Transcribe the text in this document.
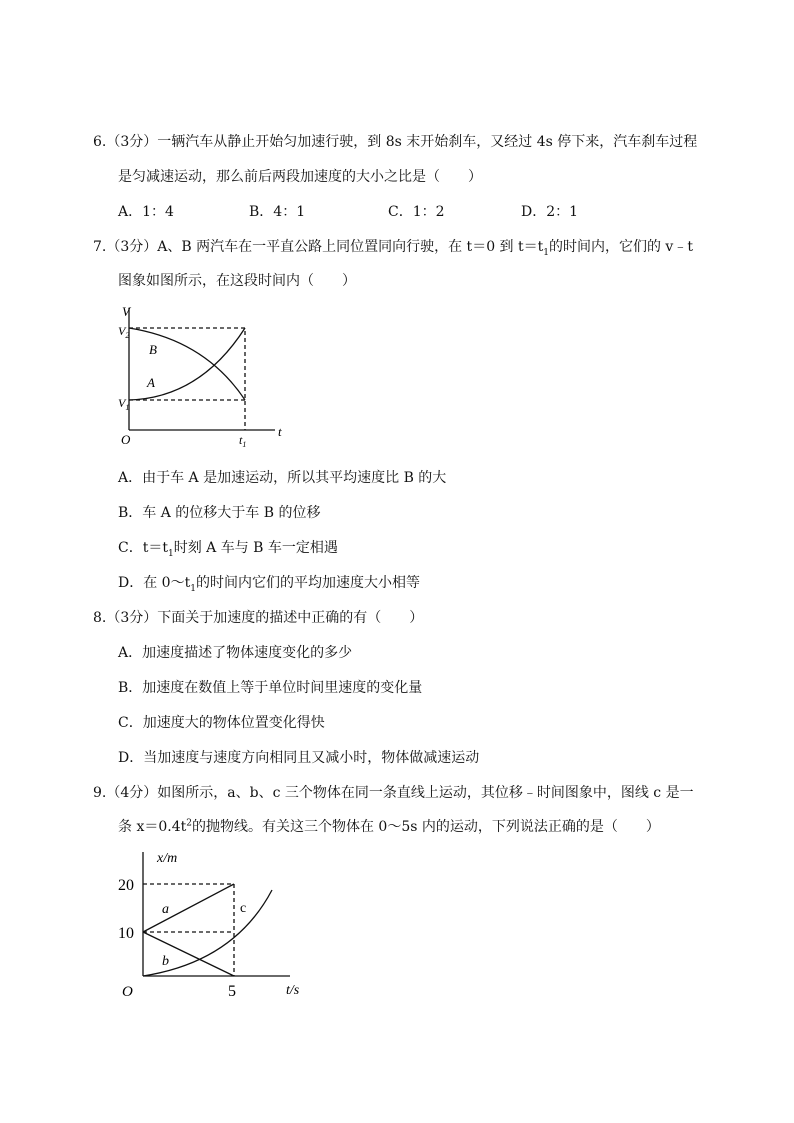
6.（3分）一辆汽车从静止开始匀加速行驶，到 8s 末开始刹车，又经过 4s 停下来，汽车刹车过程
是匀减速运动，那么前后两段加速度的大小之比是（　　）
A．1：4	B．4：1	C．1：2	D．2：1
7.（3分）A、B 两汽车在一平直公路上同位置同向行驶，在 t＝0 到 $t=t_1$的时间内，它们的 v﹣t
图象如图所示，在这段时间内（　　）
V
t
O
$V_2$
$V_1$
$t_1$
B
A
A．由于车 A 是加速运动，所以其平均速度比 B 的大
B．车 A 的位移大于车 B 的位移
C．$t=t_1$时刻 A 车与 B 车一定相遇
D．在 $0\sim t_1$的时间内它们的平均加速度大小相等
8.（3分）下面关于加速度的描述中正确的有（　　）
A．加速度描述了物体速度变化的多少
B．加速度在数值上等于单位时间里速度的变化量
C．加速度大的物体位置变化得快
D．当加速度与速度方向相同且又减小时，物体做减速运动
9.（4分）如图所示，a、b、c 三个物体在同一条直线上运动，其位移﹣时间图象中，图线 c 是一
条 $x=0.4t^2$的抛物线。有关这三个物体在 0～5s 内的运动，下列说法正确的是（　　）
x/m
t/s
O
20
10
5
a
b
c
